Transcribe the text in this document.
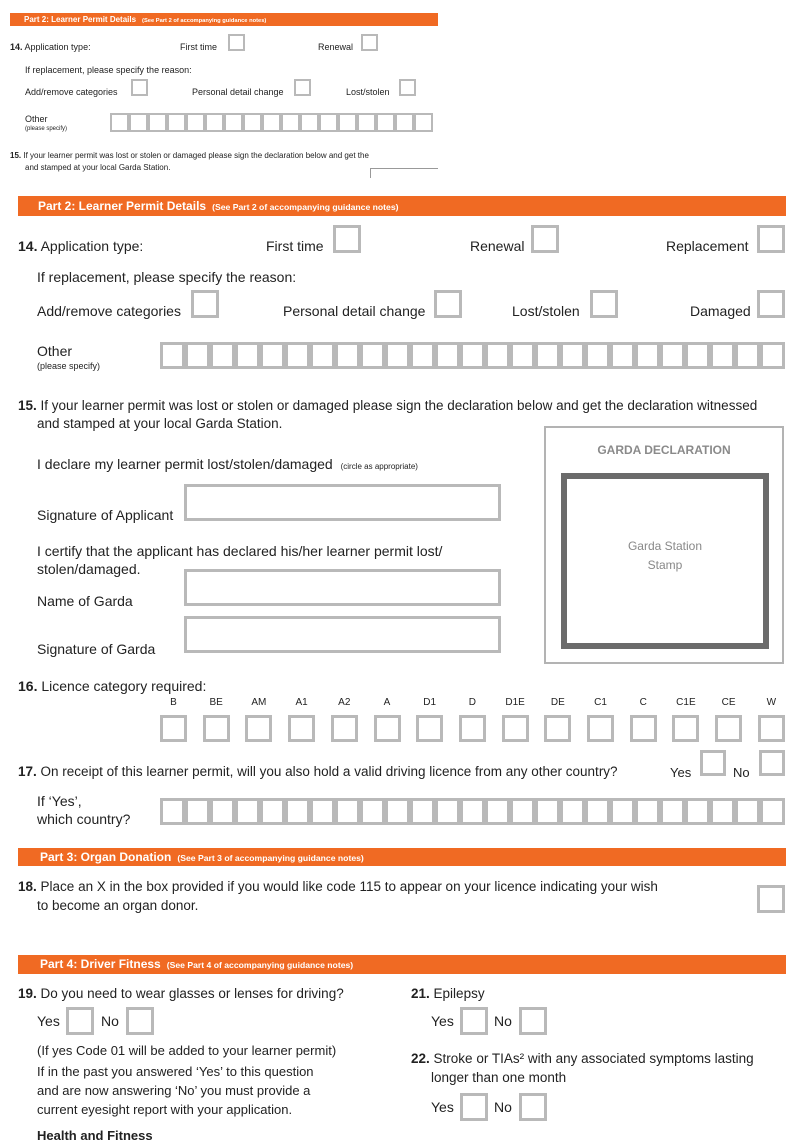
Part 2: Learner Permit Details (See Part 2 of accompanying guidance notes)
14. Application type:	First time	Renewal
If replacement, please specify the reason:
Add/remove categories	Personal detail change	Lost/stolen
Other
(please specify)
15. If your learner permit was lost or stolen or damaged please sign the declaration below and get the
and stamped at your local Garda Station.
Part 2: Learner Permit Details (See Part 2 of accompanying guidance notes)
14. Application type:	First time	Renewal	Replacement
If replacement, please specify the reason:
Add/remove categories	Personal detail change	Lost/stolen	Damaged
Other
(please specify)
15. If your learner permit was lost or stolen or damaged please sign the declaration below and get the declaration witnessed
and stamped at your local Garda Station.
I declare my learner permit lost/stolen/damaged (circle as appropriate)
Signature of Applicant
I certify that the applicant has declared his/her learner permit lost/
stolen/damaged.
Name of Garda
Signature of Garda
GARDA DECLARATION
Garda Station
Stamp
16. Licence category required:
B	BE	AM	A1	A2	A	D1	D	D1E	DE	C1	C	C1E	CE	W
17. On receipt of this learner permit, will you also hold a valid driving licence from any other country?	Yes	No
If ‘Yes’,
which country?
Part 3: Organ Donation (See Part 3 of accompanying guidance notes)
18. Place an X in the box provided if you would like code 115 to appear on your licence indicating your wish
to become an organ donor.
Part 4: Driver Fitness (See Part 4 of accompanying guidance notes)
19. Do you need to wear glasses or lenses for driving?
Yes	No
(If yes Code 01 will be added to your learner permit)
If in the past you answered ‘Yes’ to this question
and are now answering ‘No’ you must provide a
current eyesight report with your application.
Health and Fitness
21. Epilepsy
Yes	No
22. Stroke or TIAs² with any associated symptoms lasting
longer than one month
Yes	No
